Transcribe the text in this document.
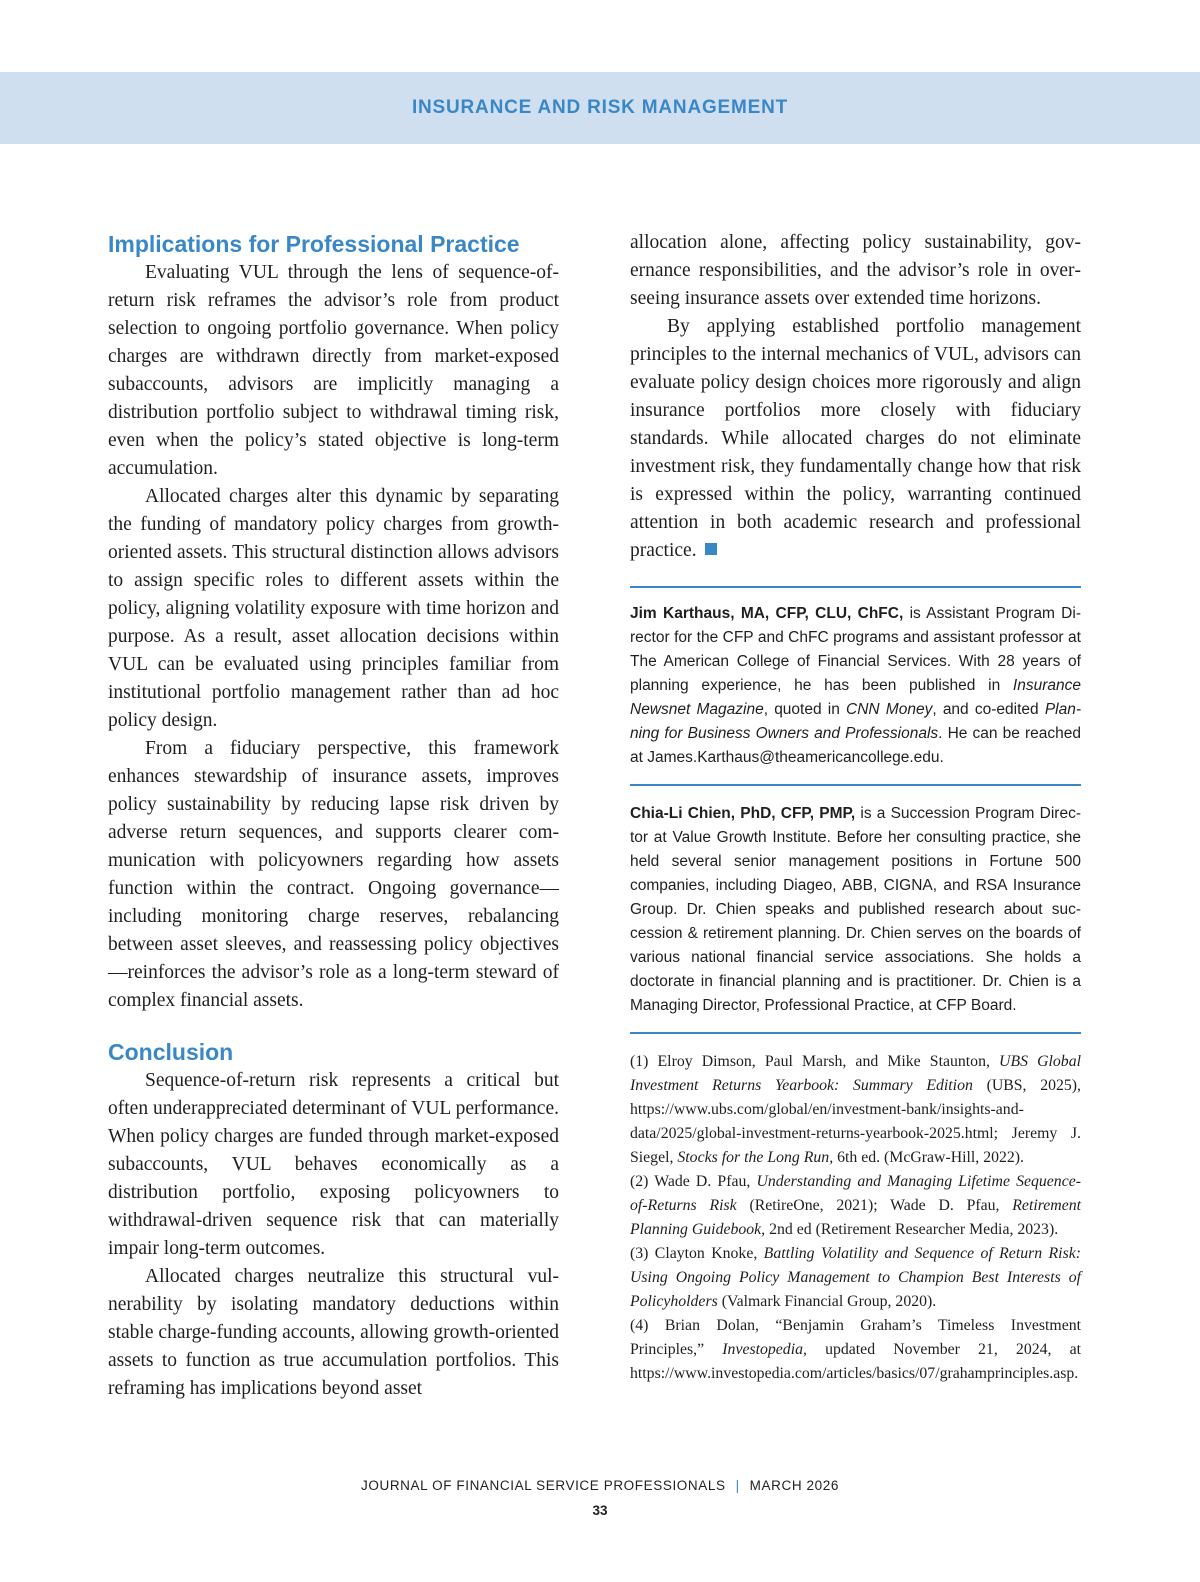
INSURANCE AND RISK MANAGEMENT
Implications for Professional Practice

Evaluating VUL through the lens of sequence-of-return risk reframes the advisor’s role from product selection to ongoing portfolio governance. When policy charges are withdrawn directly from market-exposed subaccounts, advisors are implicitly managing a distribution portfolio subject to withdrawal timing risk, even when the policy’s stated objective is long-term accumulation.

Allocated charges alter this dynamic by separating the funding of mandatory policy charges from growth-oriented assets. This structural distinction allows advisors to assign specific roles to different assets within the policy, aligning volatility exposure with time horizon and purpose. As a result, asset allocation decisions within VUL can be evaluated using principles familiar from institutional portfolio management rather than ad hoc policy design.

From a fiduciary perspective, this framework enhances stewardship of insurance assets, improves policy sustainability by reducing lapse risk driven by adverse return sequences, and supports clearer communication with policyowners regarding how assets function within the contract. Ongoing governance—including monitoring charge reserves, rebalancing between asset sleeves, and reassessing policy objectives—reinforces the advisor’s role as a long-term steward of complex financial assets.

Conclusion

Sequence-of-return risk represents a critical but often underappreciated determinant of VUL performance. When policy charges are funded through market-exposed subaccounts, VUL behaves economically as a distribution portfolio, exposing policyowners to withdrawal-driven sequence risk that can materially impair long-term outcomes.

Allocated charges neutralize this structural vulnerability by isolating mandatory deductions within stable charge-funding accounts, allowing growth-oriented assets to function as true accumulation portfolios. This reframing has implications beyond asset

allocation alone, affecting policy sustainability, governance responsibilities, and the advisor’s role in overseeing insurance assets over extended time horizons.

By applying established portfolio management principles to the internal mechanics of VUL, advisors can evaluate policy design choices more rigorously and align insurance portfolios more closely with fiduciary standards. While allocated charges do not eliminate investment risk, they fundamentally change how that risk is expressed within the policy, warranting continued attention in both academic research and professional practice.

Jim Karthaus, MA, CFP, CLU, ChFC, is Assistant Program Director for the CFP and ChFC programs and assistant professor at The American College of Financial Services. With 28 years of planning experience, he has been published in Insurance Newsnet Magazine, quoted in CNN Money, and co-edited Planning for Business Owners and Professionals. He can be reached at James.Karthaus@theamericancollege.edu.

Chia-Li Chien, PhD, CFP, PMP, is a Succession Program Director at Value Growth Institute. Before her consulting practice, she held several senior management positions in Fortune 500 companies, including Diageo, ABB, CIGNA, and RSA Insurance Group. Dr. Chien speaks and published research about succession & retirement planning. Dr. Chien serves on the boards of various national financial service associations. She holds a doctorate in financial planning and is practitioner. Dr. Chien is a Managing Director, Professional Practice, at CFP Board.

(1) Elroy Dimson, Paul Marsh, and Mike Staunton, UBS Global Investment Returns Yearbook: Summary Edition (UBS, 2025), https://www.ubs.com/global/en/investment-bank/insights-and-data/2025/global-investment-returns-yearbook-2025.html; Jeremy J. Siegel, Stocks for the Long Run, 6th ed. (McGraw-Hill, 2022).

(2) Wade D. Pfau, Understanding and Managing Lifetime Sequence-of-Returns Risk (RetireOne, 2021); Wade D. Pfau, Retirement Planning Guidebook, 2nd ed (Retirement Researcher Media, 2023).

(3) Clayton Knoke, Battling Volatility and Sequence of Return Risk: Using Ongoing Policy Management to Champion Best Interests of Policyholders (Valmark Financial Group, 2020).

(4) Brian Dolan, “Benjamin Graham’s Timeless Investment Principles,” Investopedia, updated November 21, 2024, at https://www.investopedia.com/articles/basics/07/grahamprinciples.asp.

JOURNAL OF FINANCIAL SERVICE PROFESSIONALS | MARCH 2026
33
